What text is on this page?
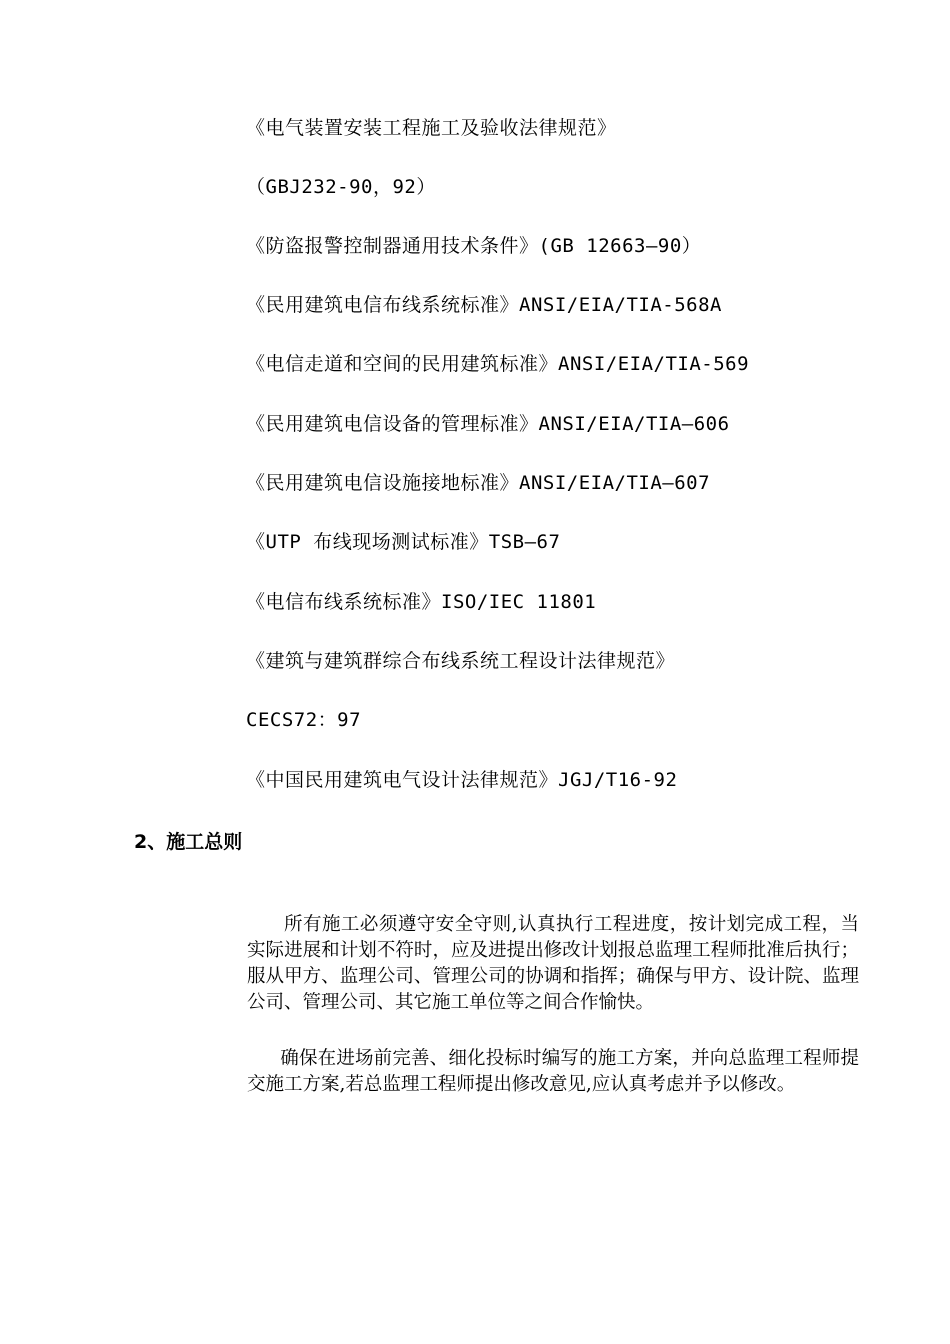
《电气装置安装工程施工及验收法律规范》
（GBJ232-90，92）
《防盗报警控制器通用技术条件》(GB 12663—90）
《民用建筑电信布线系统标准》ANSI/EIA/TIA-568A
《电信走道和空间的民用建筑标准》ANSI/EIA/TIA-569
《民用建筑电信设备的管理标准》ANSI/EIA/TIA—606
《民用建筑电信设施接地标准》ANSI/EIA/TIA—607
《UTP 布线现场测试标准》TSB—67
《电信布线系统标准》ISO/IEC 11801
《建筑与建筑群综合布线系统工程设计法律规范》
CECS72：97
《中国民用建筑电气设计法律规范》JGJ/T16-92
2、施工总则

所有施工必须遵守安全守则,认真执行工程进度，按计划完成工程，当实际进展和计划不符时，应及进提出修改计划报总监理工程师批准后执行；服从甲方、监理公司、管理公司的协调和指挥；确保与甲方、设计院、监理公司、管理公司、其它施工单位等之间合作愉快。

确保在进场前完善、细化投标时编写的施工方案，并向总监理工程师提交施工方案,若总监理工程师提出修改意见,应认真考虑并予以修改。
